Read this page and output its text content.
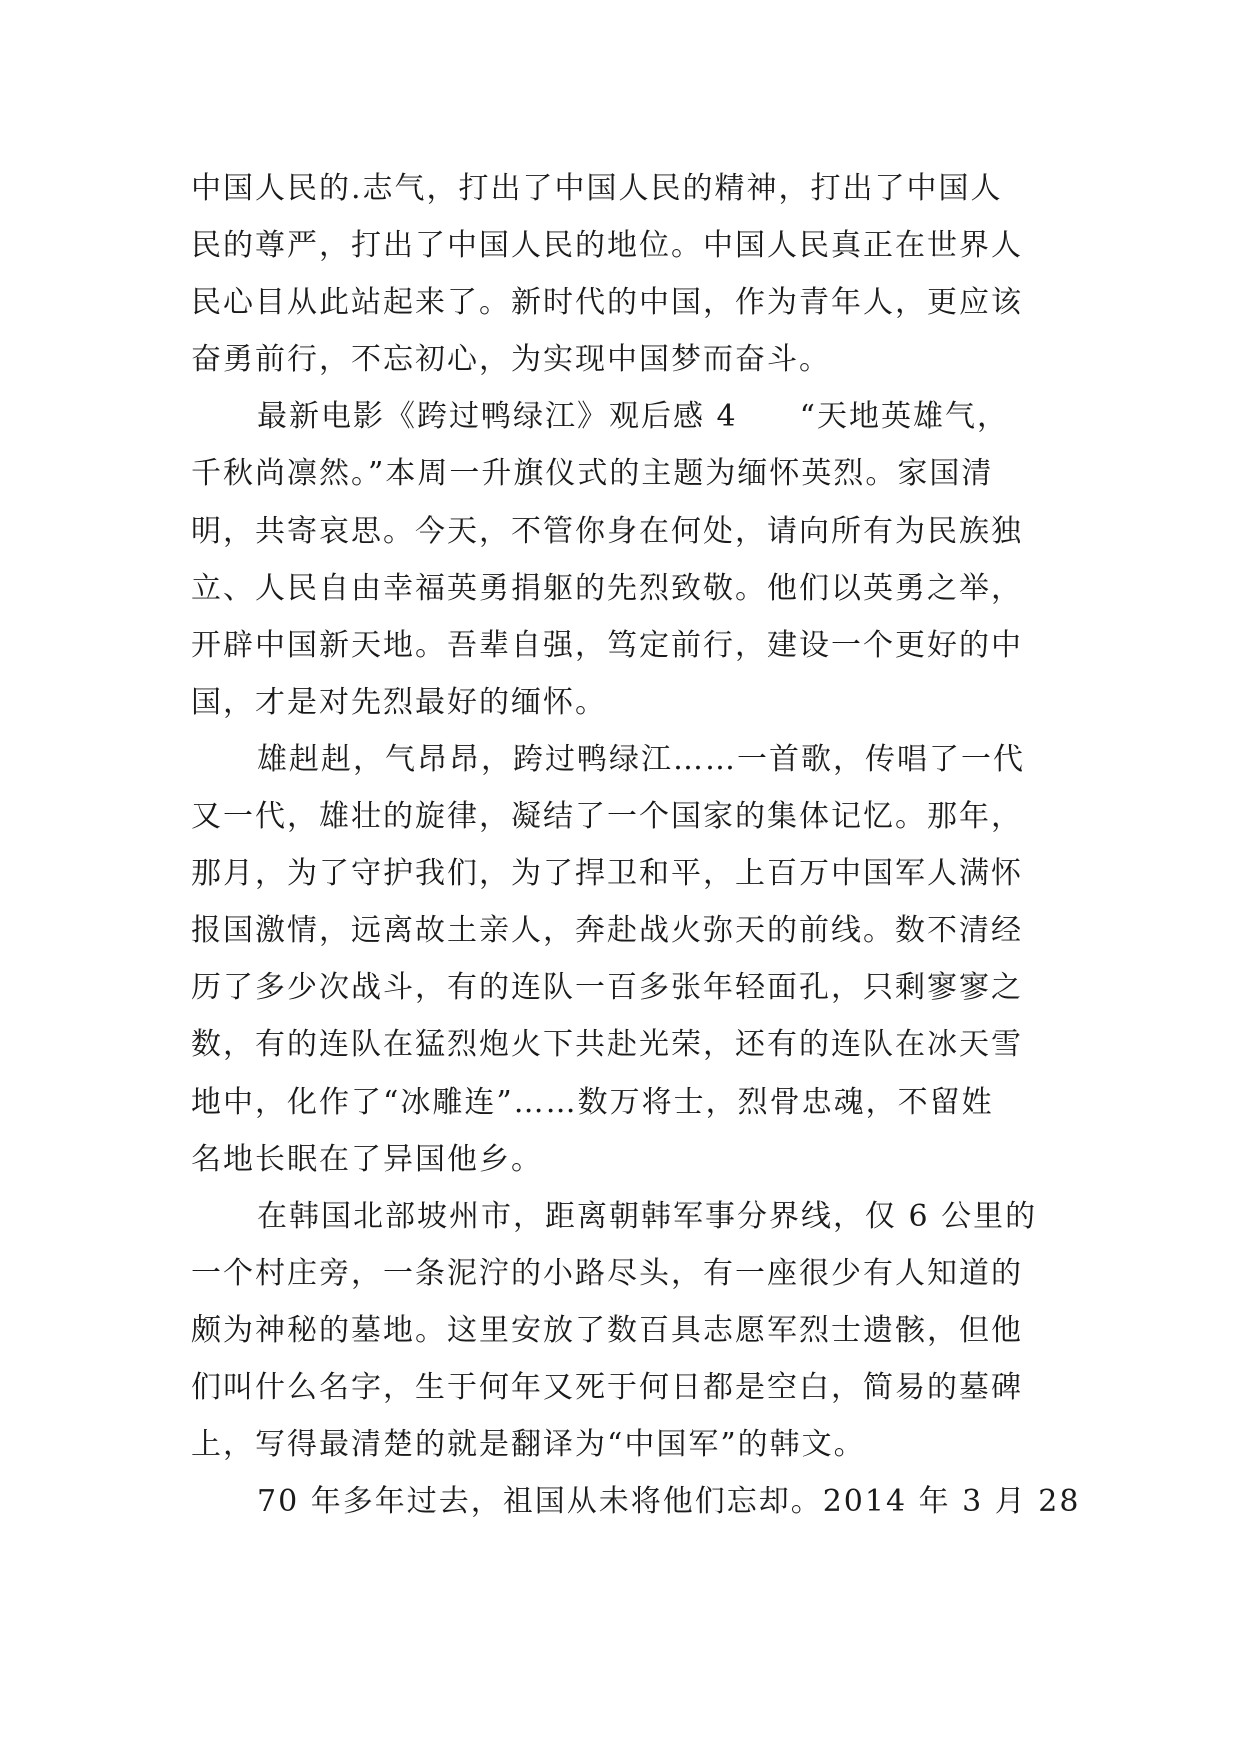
中国人民的.志气，打出了中国人民的精神，打出了中国人
民的尊严，打出了中国人民的地位。中国人民真正在世界人
民心目从此站起来了。新时代的中国，作为青年人，更应该
奋勇前行，不忘初心，为实现中国梦而奋斗。
最新电影《跨过鸭绿江》观后感 4 “天地英雄气，
千秋尚凛然。”本周一升旗仪式的主题为缅怀英烈。家国清
明，共寄哀思。今天，不管你身在何处，请向所有为民族独
立、人民自由幸福英勇捐躯的先烈致敬。他们以英勇之举，
开辟中国新天地。吾辈自强，笃定前行，建设一个更好的中
国，才是对先烈最好的缅怀。
雄赳赳，气昂昂，跨过鸭绿江……一首歌，传唱了一代
又一代，雄壮的旋律，凝结了一个国家的集体记忆。那年，
那月，为了守护我们，为了捍卫和平，上百万中国军人满怀
报国激情，远离故土亲人，奔赴战火弥天的前线。数不清经
历了多少次战斗，有的连队一百多张年轻面孔，只剩寥寥之
数，有的连队在猛烈炮火下共赴光荣，还有的连队在冰天雪
地中，化作了“冰雕连”……数万将士，烈骨忠魂，不留姓
名地长眠在了异国他乡。
在韩国北部坡州市，距离朝韩军事分界线，仅 6 公里的
一个村庄旁，一条泥泞的小路尽头，有一座很少有人知道的
颇为神秘的墓地。这里安放了数百具志愿军烈士遗骸，但他
们叫什么名字，生于何年又死于何日都是空白，简易的墓碑
上，写得最清楚的就是翻译为“中国军”的韩文。
70 年多年过去，祖国从未将他们忘却。2014 年 3 月 28
